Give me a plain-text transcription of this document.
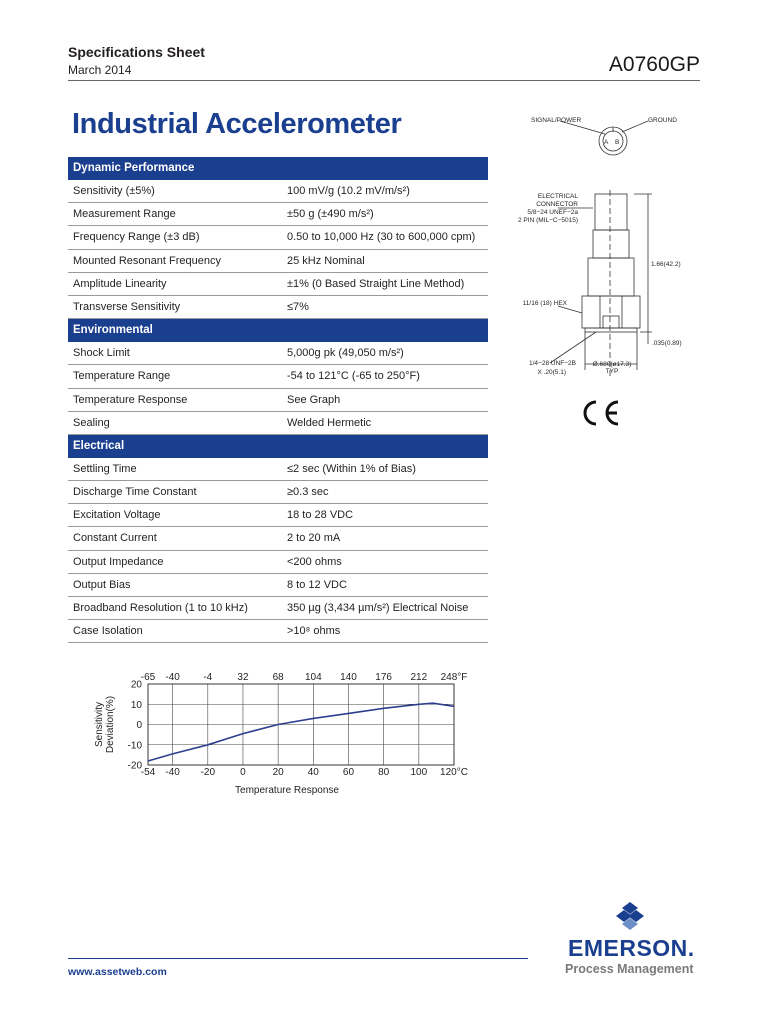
Specifications Sheet
March 2014	A0760GP
Industrial Accelerometer
Dynamic Performance
Sensitivity (±5%)	100 mV/g (10.2 mV/m/s²)
Measurement Range	±50 g (±490 m/s²)
Frequency Range (±3 dB)	0.50 to 10,000 Hz (30 to 600,000 cpm)
Mounted Resonant Frequency	25 kHz Nominal
Amplitude Linearity	±1% (0 Based Straight Line Method)
Transverse Sensitivity	≤7%
Environmental
Shock Limit	5,000g pk (49,050 m/s²)
Temperature Range	-54 to 121°C (-65 to 250°F)
Temperature Response	See Graph
Sealing	Welded Hermetic
Electrical
Settling Time	≤2 sec (Within 1% of Bias)
Discharge Time Constant	≥0.3 sec
Excitation Voltage	18 to 28 VDC
Constant Current	2 to 20 mA
Output Impedance	<200 ohms
Output Bias	8 to 12 VDC
Broadband Resolution (1 to 10 kHz)	350 µg (3,434 µm/s²) Electrical Noise
Case Isolation	>10⁸ ohms
-54 -40 -20	0	20 40 60 80 100 120°C
-65 -40 -4	32 68 104 140 176 212 248°F
20
10
0
-10
-20
Temperature Response
Sensitivity Deviation(%)
SIGNAL/POWER	GROUND
A B
ELECTRICAL
CONNECTOR
5/8−24 UNEF−2a
2 PIN (MIL−C−5015)
1.66(42.2)
11/16 (18) HEX
.035(0.89)
1/4−28 UNF−2B
X .20(5.1)
Ø.680(ø17.3)
TYP
www.assetweb.com
EMERSON.
Process Management
